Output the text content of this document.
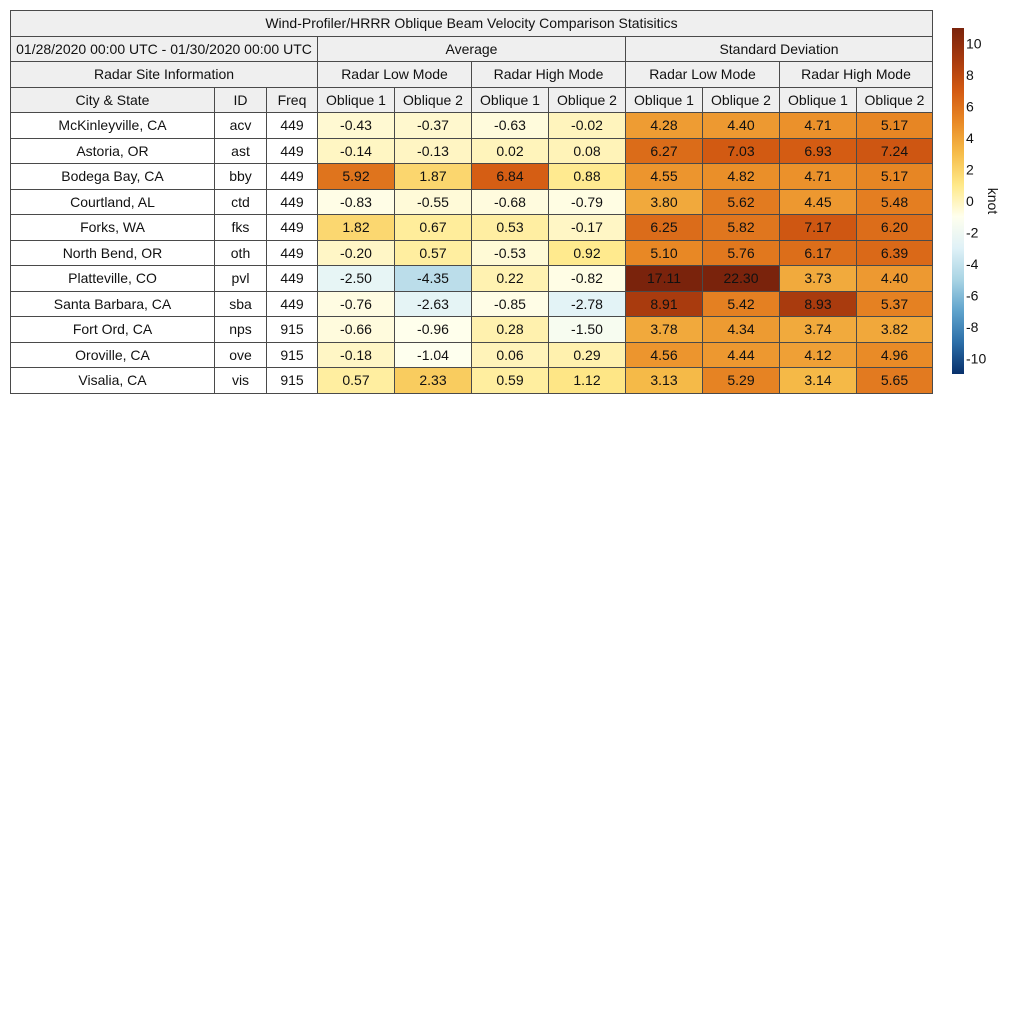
Wind-Profiler/HRRR Oblique Beam Velocity Comparison Statisitics										
01/28/2020 00:00 UTC - 01/30/2020 00:00 UTC			Average				Standard Deviation			
Radar Site Information			Radar Low Mode		Radar High Mode		Radar Low Mode		Radar High Mode	
City & State	ID	Freq	Oblique 1	Oblique 2	Oblique 1	Oblique 2	Oblique 1	Oblique 2	Oblique 1	Oblique 2
McKinleyville, CA	acv	449	-0.43	-0.37	-0.63	-0.02	4.28	4.40	4.71	5.17
Astoria, OR	ast	449	-0.14	-0.13	0.02	0.08	6.27	7.03	6.93	7.24
Bodega Bay, CA	bby	449	5.92	1.87	6.84	0.88	4.55	4.82	4.71	5.17
Courtland, AL	ctd	449	-0.83	-0.55	-0.68	-0.79	3.80	5.62	4.45	5.48
Forks, WA	fks	449	1.82	0.67	0.53	-0.17	6.25	5.82	7.17	6.20
North Bend, OR	oth	449	-0.20	0.57	-0.53	0.92	5.10	5.76	6.17	6.39
Platteville, CO	pvl	449	-2.50	-4.35	0.22	-0.82	17.11	22.30	3.73	4.40
Santa Barbara, CA	sba	449	-0.76	-2.63	-0.85	-2.78	8.91	5.42	8.93	5.37
Fort Ord, CA	nps	915	-0.66	-0.96	0.28	-1.50	3.78	4.34	3.74	3.82
Oroville, CA	ove	915	-0.18	-1.04	0.06	0.29	4.56	4.44	4.12	4.96
Visalia, CA	vis	915	0.57	2.33	0.59	1.12	3.13	5.29	3.14	5.65
10
8
6
4
2
0
-2
-4
-6
-8
-10
knot
